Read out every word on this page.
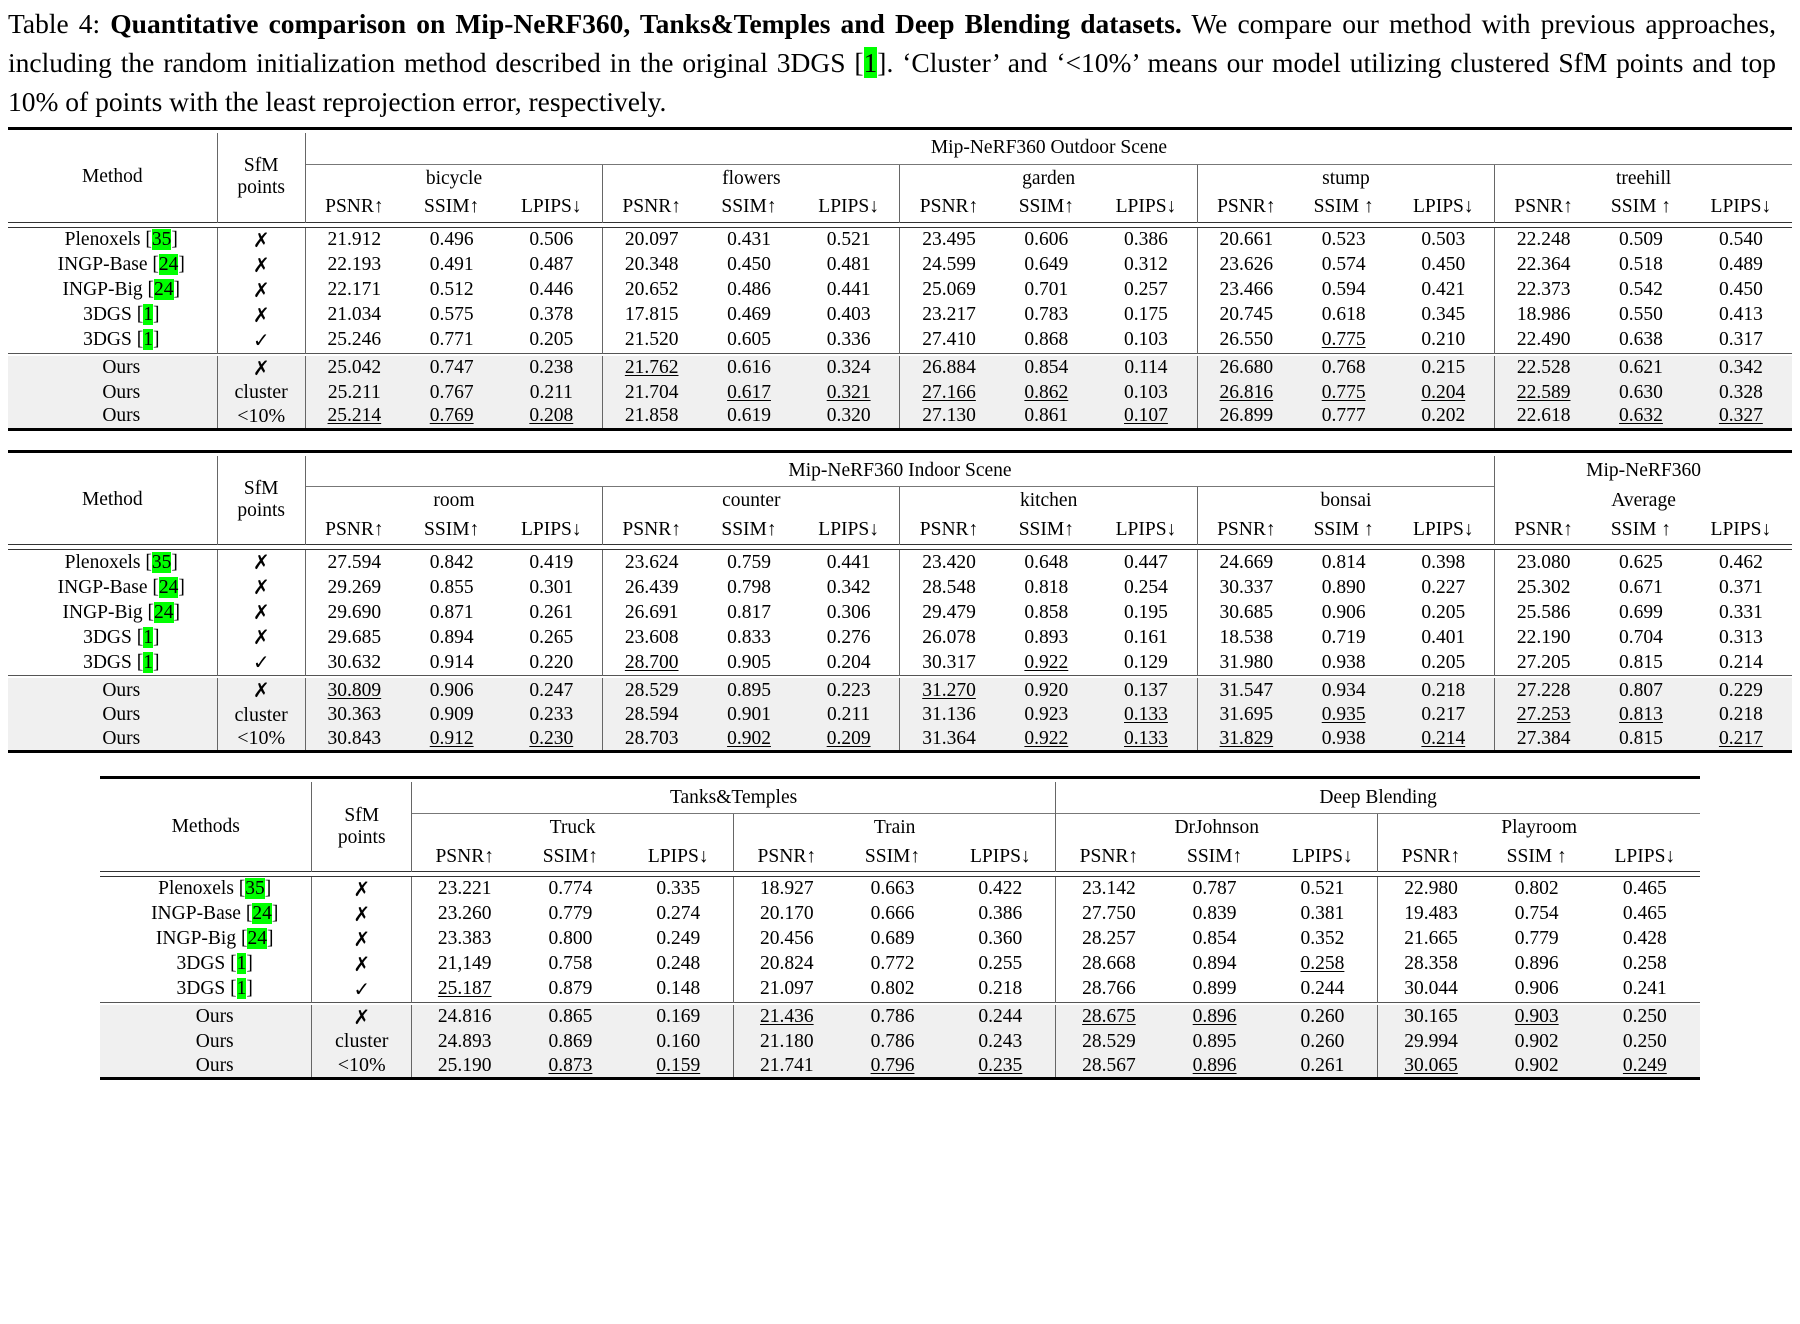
Table 4: Quantitative comparison on Mip-NeRF360, Tanks&Temples and Deep Blending datasets. We compare our method with previous approaches, including the random initialization method described in the original 3DGS [1]. ‘Cluster’ and ‘<10%’ means our model utilizing clustered SfM points and top 10% of points with the least reprojection error, respectively.

Method	SfM
points	Mip-NeRF360 Outdoor Scene														
		bicycle			flowers			garden			stump			treehill		
		PSNR↑	SSIM↑	LPIPS↓	PSNR↑	SSIM↑	LPIPS↓	PSNR↑	SSIM↑	LPIPS↓	PSNR↑	SSIM ↑	LPIPS↓	PSNR↑	SSIM ↑	LPIPS↓

Plenoxels [35]	✗	21.912	0.496	0.506	20.097	0.431	0.521	23.495	0.606	0.386	20.661	0.523	0.503	22.248	0.509	0.540
INGP-Base [24]	✗	22.193	0.491	0.487	20.348	0.450	0.481	24.599	0.649	0.312	23.626	0.574	0.450	22.364	0.518	0.489
INGP-Big [24]	✗	22.171	0.512	0.446	20.652	0.486	0.441	25.069	0.701	0.257	23.466	0.594	0.421	22.373	0.542	0.450
3DGS [1]	✗	21.034	0.575	0.378	17.815	0.469	0.403	23.217	0.783	0.175	20.745	0.618	0.345	18.986	0.550	0.413
3DGS [1]	✓	25.246	0.771	0.205	21.520	0.605	0.336	27.410	0.868	0.103	26.550	0.775	0.210	22.490	0.638	0.317

Ours	✗	25.042	0.747	0.238	21.762	0.616	0.324	26.884	0.854	0.114	26.680	0.768	0.215	22.528	0.621	0.342
Ours	cluster	25.211	0.767	0.211	21.704	0.617	0.321	27.166	0.862	0.103	26.816	0.775	0.204	22.589	0.630	0.328
Ours	<10%	25.214	0.769	0.208	21.858	0.619	0.320	27.130	0.861	0.107	26.899	0.777	0.202	22.618	0.632	0.327

Method	SfM
points	Mip-NeRF360 Indoor Scene												Mip-NeRF360		
		room			counter			kitchen			bonsai			Average		
		PSNR↑	SSIM↑	LPIPS↓	PSNR↑	SSIM↑	LPIPS↓	PSNR↑	SSIM↑	LPIPS↓	PSNR↑	SSIM ↑	LPIPS↓	PSNR↑	SSIM ↑	LPIPS↓

Plenoxels [35]	✗	27.594	0.842	0.419	23.624	0.759	0.441	23.420	0.648	0.447	24.669	0.814	0.398	23.080	0.625	0.462
INGP-Base [24]	✗	29.269	0.855	0.301	26.439	0.798	0.342	28.548	0.818	0.254	30.337	0.890	0.227	25.302	0.671	0.371
INGP-Big [24]	✗	29.690	0.871	0.261	26.691	0.817	0.306	29.479	0.858	0.195	30.685	0.906	0.205	25.586	0.699	0.331
3DGS [1]	✗	29.685	0.894	0.265	23.608	0.833	0.276	26.078	0.893	0.161	18.538	0.719	0.401	22.190	0.704	0.313
3DGS [1]	✓	30.632	0.914	0.220	28.700	0.905	0.204	30.317	0.922	0.129	31.980	0.938	0.205	27.205	0.815	0.214

Ours	✗	30.809	0.906	0.247	28.529	0.895	0.223	31.270	0.920	0.137	31.547	0.934	0.218	27.228	0.807	0.229
Ours	cluster	30.363	0.909	0.233	28.594	0.901	0.211	31.136	0.923	0.133	31.695	0.935	0.217	27.253	0.813	0.218
Ours	<10%	30.843	0.912	0.230	28.703	0.902	0.209	31.364	0.922	0.133	31.829	0.938	0.214	27.384	0.815	0.217

Methods	SfM
points	Tanks&Temples						Deep Blending					
		Truck			Train			DrJohnson			Playroom		
		PSNR↑	SSIM↑	LPIPS↓	PSNR↑	SSIM↑	LPIPS↓	PSNR↑	SSIM↑	LPIPS↓	PSNR↑	SSIM ↑	LPIPS↓

Plenoxels [35]	✗	23.221	0.774	0.335	18.927	0.663	0.422	23.142	0.787	0.521	22.980	0.802	0.465
INGP-Base [24]	✗	23.260	0.779	0.274	20.170	0.666	0.386	27.750	0.839	0.381	19.483	0.754	0.465
INGP-Big [24]	✗	23.383	0.800	0.249	20.456	0.689	0.360	28.257	0.854	0.352	21.665	0.779	0.428
3DGS [1]	✗	21,149	0.758	0.248	20.824	0.772	0.255	28.668	0.894	0.258	28.358	0.896	0.258
3DGS [1]	✓	25.187	0.879	0.148	21.097	0.802	0.218	28.766	0.899	0.244	30.044	0.906	0.241

Ours	✗	24.816	0.865	0.169	21.436	0.786	0.244	28.675	0.896	0.260	30.165	0.903	0.250
Ours	cluster	24.893	0.869	0.160	21.180	0.786	0.243	28.529	0.895	0.260	29.994	0.902	0.250
Ours	<10%	25.190	0.873	0.159	21.741	0.796	0.235	28.567	0.896	0.261	30.065	0.902	0.249
